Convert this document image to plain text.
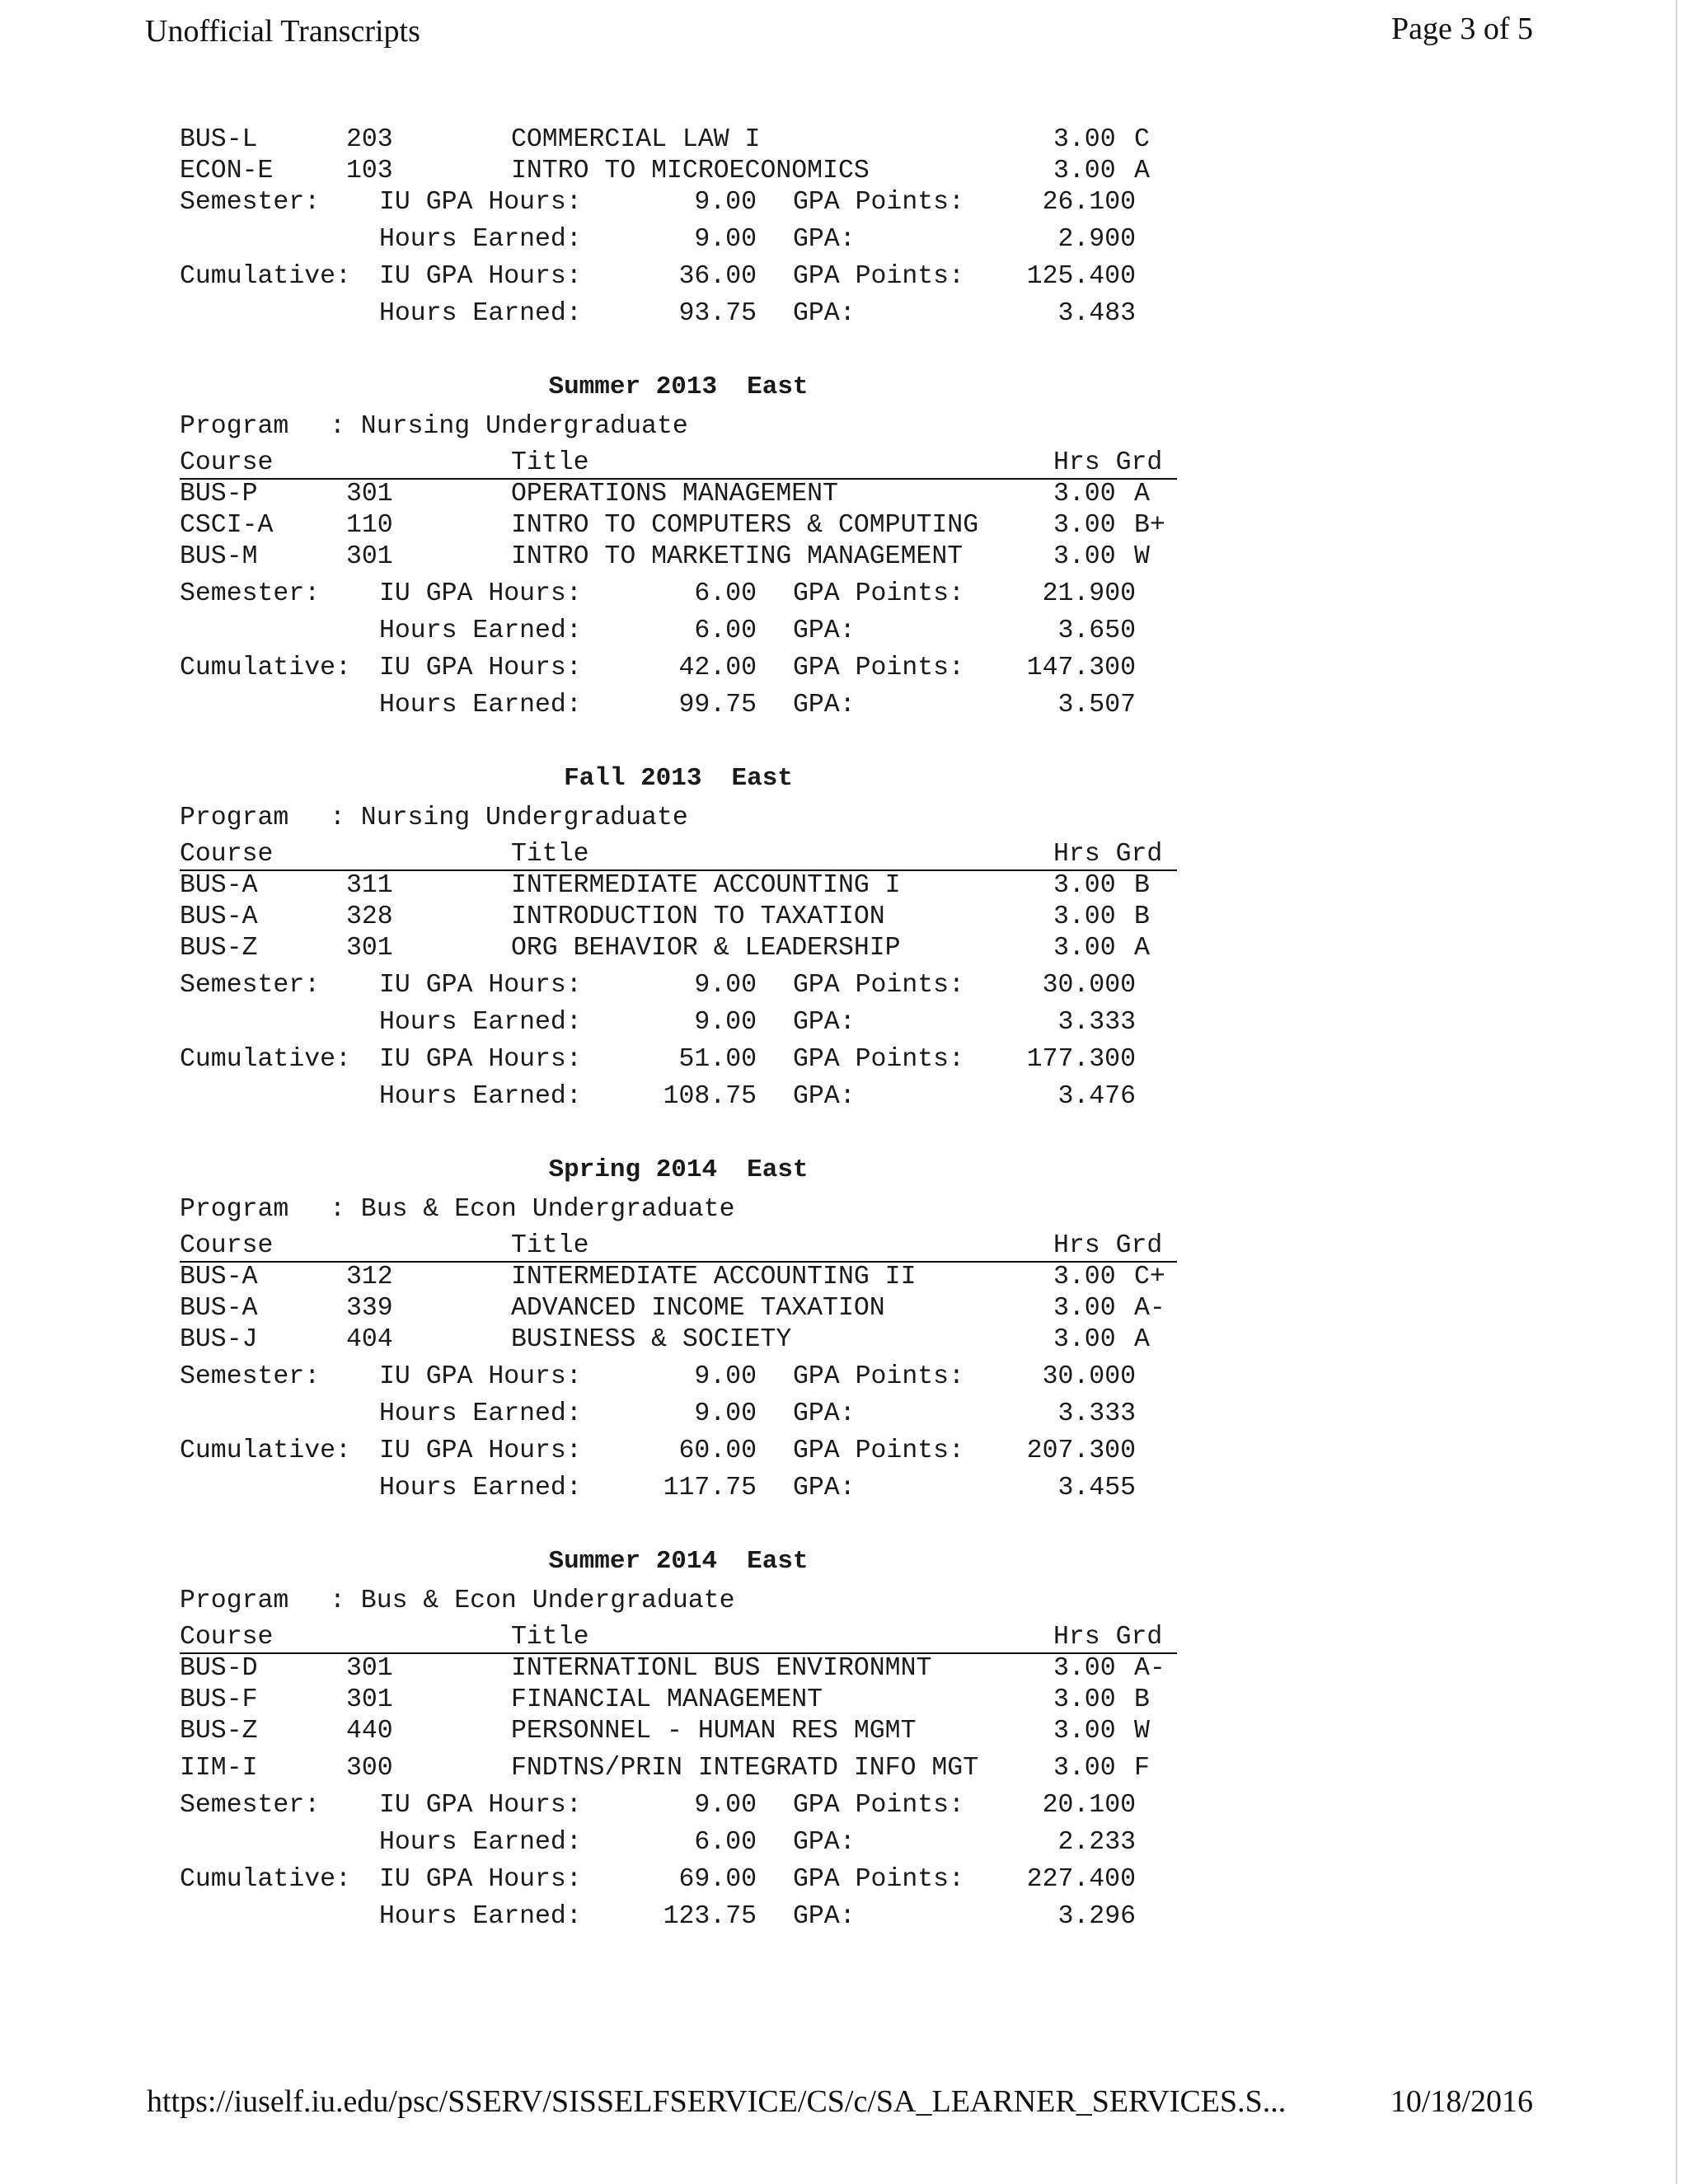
Unofficial Transcripts	Page 3 of 5
BUS-L	203	COMMERCIAL LAW I	3.00 C
ECON-E	103	INTRO TO MICROECONOMICS	3.00 A
Semester: IU GPA Hours:	9.00 GPA Points:	26.100
Hours Earned:	9.00 GPA:	2.900
Cumulative: IU GPA Hours:	36.00 GPA Points: 125.400
Hours Earned:	93.75 GPA:	3.483
Summer 2013 East
Program : Nursing Undergraduate
Course	Title	Hrs Grd
BUS-P	301	OPERATIONS MANAGEMENT	3.00 A
CSCI-A	110	INTRO TO COMPUTERS & COMPUTING	3.00 B+
BUS-M	301	INTRO TO MARKETING MANAGEMENT	3.00 W
Semester: IU GPA Hours:	6.00 GPA Points:	21.900
Hours Earned:	6.00 GPA:	3.650
Cumulative: IU GPA Hours:	42.00 GPA Points: 147.300
Hours Earned:	99.75 GPA:	3.507
Fall 2013 East
Program : Nursing Undergraduate
Course	Title	Hrs Grd
BUS-A	311	INTERMEDIATE ACCOUNTING I	3.00 B
BUS-A	328	INTRODUCTION TO TAXATION	3.00 B
BUS-Z	301	ORG BEHAVIOR & LEADERSHIP	3.00 A
Semester: IU GPA Hours:	9.00 GPA Points:	30.000
Hours Earned:	9.00 GPA:	3.333
Cumulative: IU GPA Hours:	51.00 GPA Points: 177.300
Hours Earned:	108.75 GPA:	3.476
Spring 2014 East
Program : Bus & Econ Undergraduate
Course	Title	Hrs Grd
BUS-A	312	INTERMEDIATE ACCOUNTING II	3.00 C+
BUS-A	339	ADVANCED INCOME TAXATION	3.00 A-
BUS-J	404	BUSINESS & SOCIETY	3.00 A
Semester: IU GPA Hours:	9.00 GPA Points:	30.000
Hours Earned:	9.00 GPA:	3.333
Cumulative: IU GPA Hours:	60.00 GPA Points: 207.300
Hours Earned:	117.75 GPA:	3.455
Summer 2014 East
Program : Bus & Econ Undergraduate
Course	Title	Hrs Grd
BUS-D	301	INTERNATIONL BUS ENVIRONMNT	3.00 A-
BUS-F	301	FINANCIAL MANAGEMENT	3.00 B
BUS-Z	440	PERSONNEL - HUMAN RES MGMT	3.00 W
IIM-I	300	FNDTNS/PRIN INTEGRATD INFO MGT	3.00 F
Semester: IU GPA Hours:	9.00 GPA Points:	20.100
Hours Earned:	6.00 GPA:	2.233
Cumulative: IU GPA Hours:	69.00 GPA Points: 227.400
Hours Earned:	123.75 GPA:	3.296
https://iuself.iu.edu/psc/SSERV/SISSELFSERVICE/CS/c/SA_LEARNER_SERVICES.S...	10/18/2016
